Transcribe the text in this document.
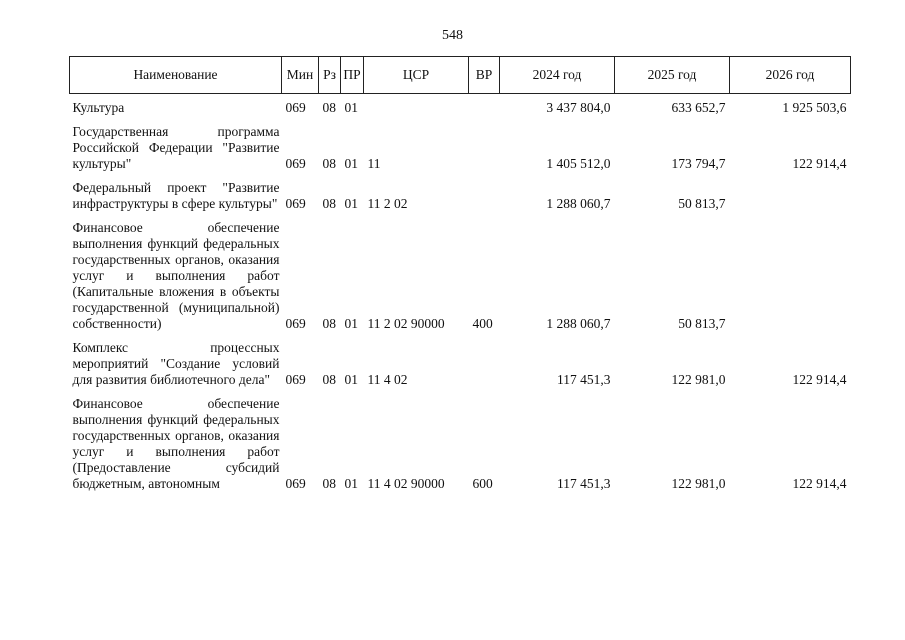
548
Наименование	Мин	Рз	ПР	ЦСР	ВР	2024 год	2025 год	2026 год
Культура	069	08	01			3 437 804,0	633 652,7	1 925 503,6
Государственная программа Российской Федерации "Развитие культуры"	069	08	01	11		1 405 512,0	173 794,7	122 914,4
Федеральный проект "Развитие инфраструктуры в сфере культуры"	069	08	01	11 2 02		1 288 060,7	50 813,7	
Финансовое обеспечение выполнения функций федеральных государственных органов, оказания услуг и выполнения работ (Капитальные вложения в объекты государственной (муниципальной) собственности)	069	08	01	11 2 02 90000	400	1 288 060,7	50 813,7	
Комплекс процессных мероприятий "Создание условий для развития библиотечного дела"	069	08	01	11 4 02		117 451,3	122 981,0	122 914,4
Финансовое обеспечение выполнения функций федеральных государственных органов, оказания услуг и выполнения работ (Предоставление субсидий бюджетным, автономным	069	08	01	11 4 02 90000	600	117 451,3	122 981,0	122 914,4
